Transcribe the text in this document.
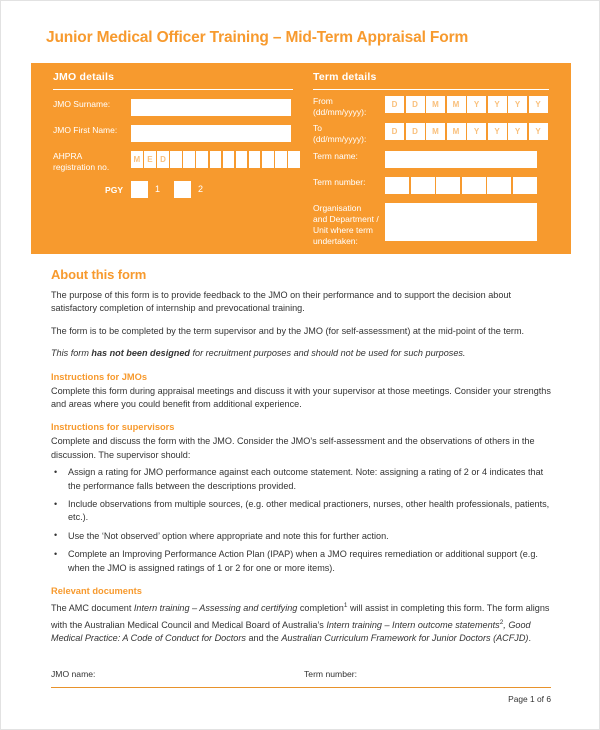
Junior Medical Officer Training – Mid-Term Appraisal Form
JMO details	Term details
JMO Surname:
JMO First Name:
AHPRA
registration no.
M E D
PGY	1	2
From
(dd/mm/yyyy):
D	D	M	M	Y	Y	Y	Y
To
(dd/mm/yyyy):
D	D	M	M	Y	Y	Y	Y
Term name:
Term number:
Organisation
and Department /
Unit where term
undertaken:
About this form

The purpose of this form is to provide feedback to the JMO on their performance and to support the decision about satisfactory completion of internship and prevocational training.

The form is to be completed by the term supervisor and by the JMO (for self-assessment) at the mid-point of the term.

This form has not been designed for recruitment purposes and should not be used for such purposes.

Instructions for JMOs

Complete this form during appraisal meetings and discuss it with your supervisor at those meetings. Consider your strengths and areas where you could benefit from additional experience.

Instructions for supervisors

Complete and discuss the form with the JMO. Consider the JMO’s self-assessment and the observations of others in the discussion. The supervisor should:

• Assign a rating for JMO performance against each outcome statement. Note: assigning a rating of 2 or 4 indicates that the performance falls between the descriptions provided.
• Include observations from multiple sources, (e.g. other medical practioners, nurses, other health professionals, patients, etc.).
• Use the ‘Not observed’ option where appropriate and note this for further action.
• Complete an Improving Performance Action Plan (IPAP) when a JMO requires remediation or additional support (e.g. when the JMO is assigned ratings of 1 or 2 for one or more items).
Relevant documents

The AMC document Intern training – Assessing and certifying completion$^1$ will assist in completing this form. The form aligns with the Australian Medical Council and Medical Board of Australia’s Intern training – Intern outcome statements$^2$, Good Medical Practice: A Code of Conduct for Doctors and the Australian Curriculum Framework for Junior Doctors (ACFJD).

JMO name:	Term number:
Page 1 of 6
